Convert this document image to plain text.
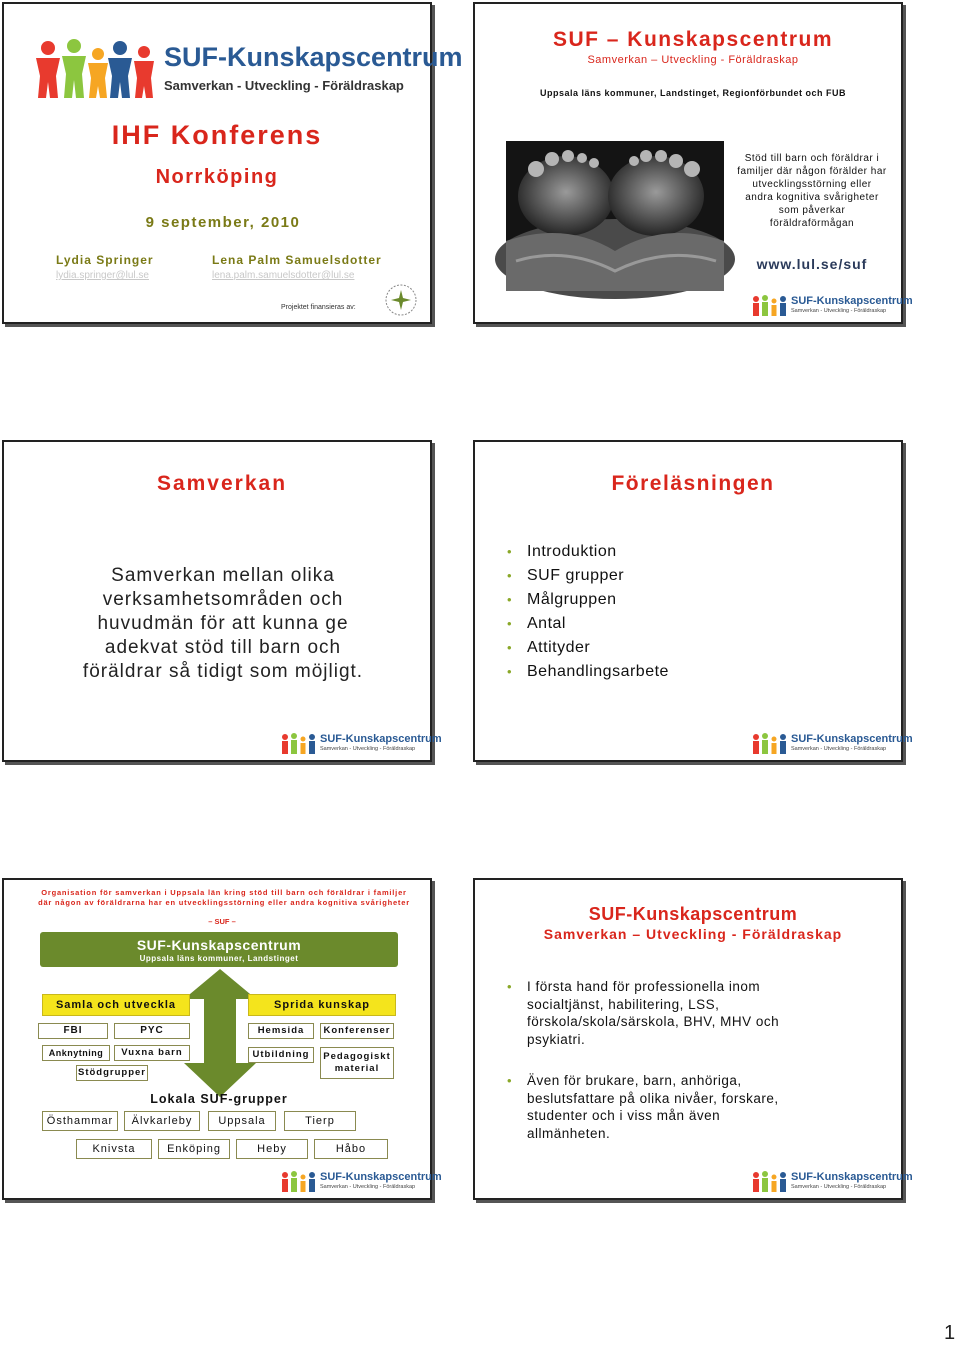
SUF-Kunskapscentrum
Samverkan - Utveckling - Föräldraskap
IHF Konferens
Norrköping
9 september, 2010
Lydia Springer
lydia.springer@lul.se
Lena Palm Samuelsdotter
lena.palm.samuelsdotter@lul.se
Projektet finansieras av:
SUF – Kunskapscentrum
Samverkan – Utveckling - Föräldraskap
Uppsala läns kommuner, Landstinget, Regionförbundet och FUB
Stöd till barn och föräldrar i familjer där någon förälder har utvecklingsstörning eller andra kognitiva svårigheter som påverkar föräldraförmågan
www.lul.se/suf
SUF-Kunskapscentrum
Samverkan - Utveckling - Föräldraskap
Samverkan
Samverkan mellan olika verksamhetsområden och huvudmän för att kunna ge adekvat stöd till barn och föräldrar så tidigt som möjligt.
SUF-Kunskapscentrum
Samverkan - Utveckling - Föräldraskap
Föreläsningen
• Introduktion
• SUF grupper
• Målgruppen
• Antal
• Attityder
• Behandlingsarbete
SUF-Kunskapscentrum
Samverkan - Utveckling - Föräldraskap
Organisation för samverkan i Uppsala län kring stöd till barn och föräldrar i familjer där någon av föräldrarna har en utvecklingsstörning eller andra kognitiva svårigheter
– SUF –
SUF-Kunskapscentrum
Uppsala läns kommuner, Landstinget
Samla och utveckla	Sprida kunskap
FBI	PYC
Anknytning	Vuxna barn
Stödgrupper
Hemsida	Konferenser
Utbildning	Pedagogiskt material
Lokala SUF-grupper
Östhammar	Älvkarleby	Uppsala	Tierp
Knivsta	Enköping	Heby	Håbo
SUF-Kunskapscentrum
Samverkan - Utveckling - Föräldraskap
SUF-Kunskapscentrum
Samverkan – Utveckling - Föräldraskap
• I första hand för professionella inom socialtjänst, habilitering, LSS, förskola/skola/särskola, BHV, MHV och psykiatri.
• Även för brukare, barn, anhöriga, beslutsfattare på olika nivåer, forskare, studenter och i viss mån även allmänheten.
SUF-Kunskapscentrum
Samverkan - Utveckling - Föräldraskap
1
